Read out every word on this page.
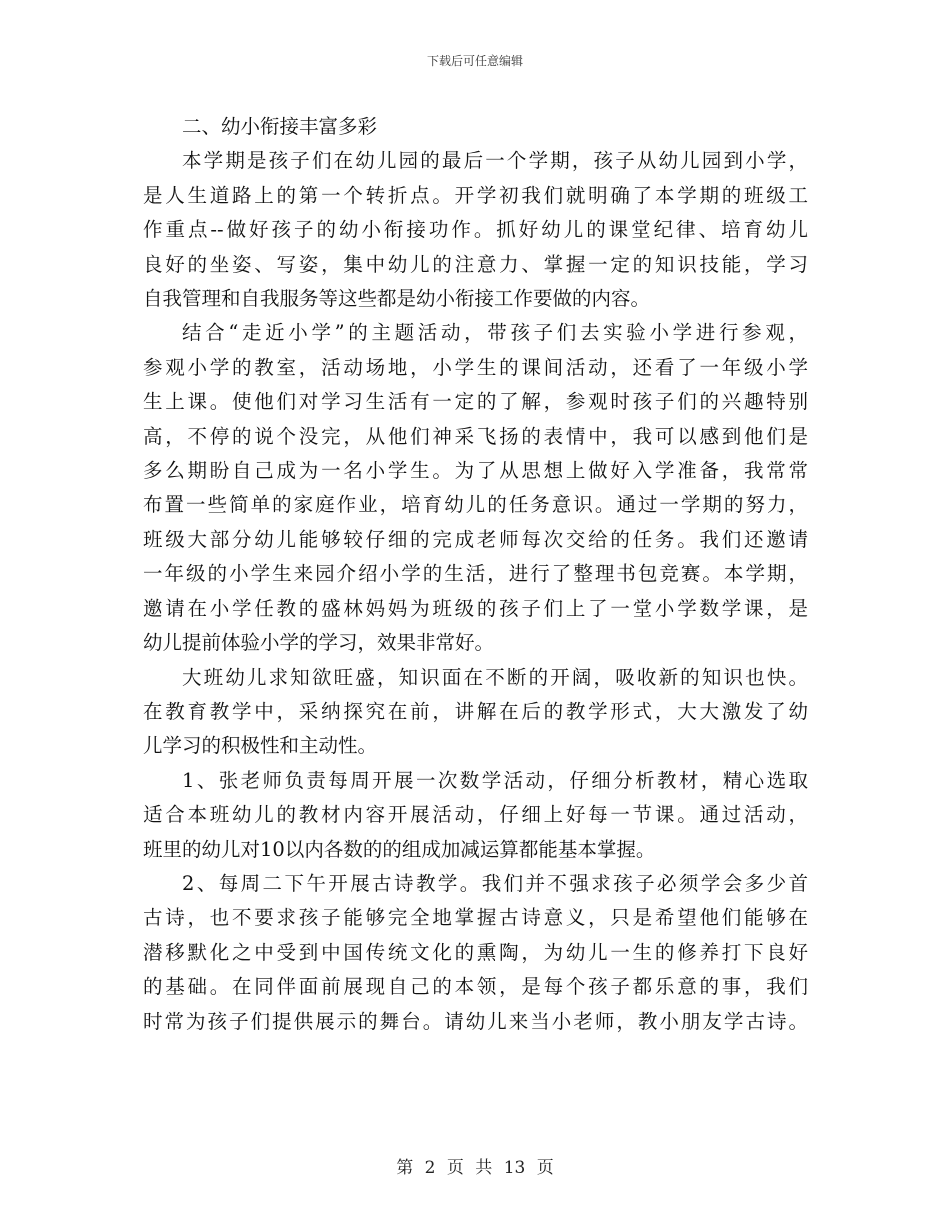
下载后可任意编辑

二、幼小衔接丰富多彩

本学期是孩子们在幼儿园的最后一个学期，孩子从幼儿园到小学，
是人生道路上的第一个转折点。开学初我们就明确了本学期的班级工
作重点--做好孩子的幼小衔接功作。抓好幼儿的课堂纪律、培育幼儿
良好的坐姿、写姿，集中幼儿的注意力、掌握一定的知识技能，学习
自我管理和自我服务等这些都是幼小衔接工作要做的内容。
结合“走近小学”的主题活动，带孩子们去实验小学进行参观，
参观小学的教室，活动场地，小学生的课间活动，还看了一年级小学
生上课。使他们对学习生活有一定的了解，参观时孩子们的兴趣特别
高，不停的说个没完，从他们神采飞扬的表情中，我可以感到他们是
多么期盼自己成为一名小学生。为了从思想上做好入学准备，我常常
布置一些简单的家庭作业，培育幼儿的任务意识。通过一学期的努力，
班级大部分幼儿能够较仔细的完成老师每次交给的任务。我们还邀请
一年级的小学生来园介绍小学的生活，进行了整理书包竞赛。本学期，
邀请在小学任教的盛林妈妈为班级的孩子们上了一堂小学数学课，是
幼儿提前体验小学的学习，效果非常好。
大班幼儿求知欲旺盛，知识面在不断的开阔，吸收新的知识也快。
在教育教学中，采纳探究在前，讲解在后的教学形式，大大激发了幼
儿学习的积极性和主动性。
1、张老师负责每周开展一次数学活动，仔细分析教材，精心选取
适合本班幼儿的教材内容开展活动，仔细上好每一节课。通过活动，
班里的幼儿对10以内各数的的组成加减运算都能基本掌握。
2、每周二下午开展古诗教学。我们并不强求孩子必须学会多少首
古诗，也不要求孩子能够完全地掌握古诗意义，只是希望他们能够在
潜移默化之中受到中国传统文化的熏陶，为幼儿一生的修养打下良好
的基础。在同伴面前展现自己的本领，是每个孩子都乐意的事，我们
时常为孩子们提供展示的舞台。请幼儿来当小老师，教小朋友学古诗。
第 2 页 共 13 页
